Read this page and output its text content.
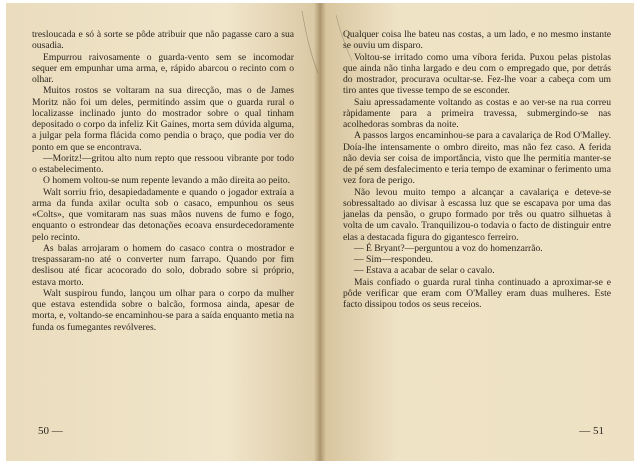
tresloucada e só à sorte se pôde atribuir que não pagasse caro a sua ousadia.

Empurrou raivosamente o guarda-vento sem se incomodar sequer em empunhar uma arma, e, rápido abarcou o recinto com o olhar.

Muitos rostos se voltaram na sua direcção, mas o de James Moritz não foi um deles, permitindo assim que o guarda rural o localizasse inclinado junto do mostrador sobre o qual tinham depositado o corpo da infeliz Kit Gaines, morta sem dúvida alguma, a julgar pela forma flácida como pendia o braço, que podia ver do ponto em que se encontrava.

—Moritz!—gritou alto num repto que ressoou vibrante por todo o estabelecimento.

O homem voltou-se num repente levando a mão direita ao peito.

Walt sorriu frio, desapiedadamente e quando o jogador extraía a arma da funda axilar oculta sob o casaco, empunhou os seus «Colts», que vomitaram nas suas mãos nuvens de fumo e fogo, enquanto o estrondear das detonações ecoava ensurdecedoramente pelo recinto.

As balas arrojaram o homem do casaco contra o mostrador e trespassaram-no até o converter num farrapo. Quando por fim deslisou até ficar acocorado do solo, dobrado sobre si próprio, estava morto.

Walt suspirou fundo, lançou um olhar para o corpo da mulher que estava estendida sobre o balcão, formosa ainda, apesar de morta, e, voltando-se encaminhou-se para a saída enquanto metia na funda os fumegantes revólveres.

50 —

Qualquer coisa lhe bateu nas costas, a um lado, e no mesmo instante se ouviu um disparo.

Voltou-se irritado como uma víbora ferida. Puxou pelas pistolas que ainda não tinha largado e deu com o empregado que, por detrás do mostrador, procurava ocultar-se. Fez-lhe voar a cabeça com um tiro antes que tivesse tempo de se esconder.

Saiu apressadamente voltando as costas e ao ver-se na rua correu ràpidamente para a primeira travessa, submergindo-se nas acolhedoras sombras da noite.

A passos largos encaminhou-se para a cavalariça de Rod O'Malley. Doía-lhe intensamente o ombro direito, mas não fez caso. A ferida não devia ser coisa de importância, visto que lhe permitia manter-se de pé sem desfalecimento e teria tempo de examinar o ferimento uma vez fora de perigo.

Não levou muito tempo a alcançar a cavalariça e deteve-se sobressaltado ao divisar à escassa luz que se escapava por uma das janelas da pensão, o grupo formado por três ou quatro silhuetas à volta de um cavalo. Tranquilizou-o todavia o facto de distinguir entre elas a destacada figura do gigantesco ferreiro.

— É Bryant?—perguntou a voz do homenzarrão.

— Sim—respondeu.

— Estava a acabar de selar o cavalo.

Mais confiado o guarda rural tinha continuado a aproximar-se e pôde verificar que eram com O'Malley eram duas mulheres. Este facto dissipou todos os seus receios.

— 51
